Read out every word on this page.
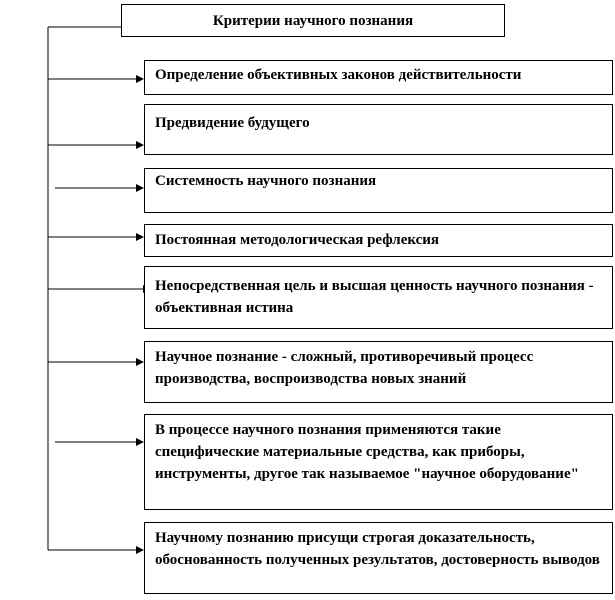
Критерии научного познания
Определение объективных законов действительности
Предвидение будущего
Системность научного познания
Постоянная методологическая рефлексия
Непосредственная цель и высшая ценность научного познания - объективная истина
Научное познание - сложный, противоречивый процесс производства, воспроизводства новых знаний
В процессе научного познания применяются такие специфические материальные средства, как приборы, инструменты, другое так называемое "научное оборудование"
Научному познанию присущи строгая доказательность, обоснованность полученных результатов, достоверность выводов
